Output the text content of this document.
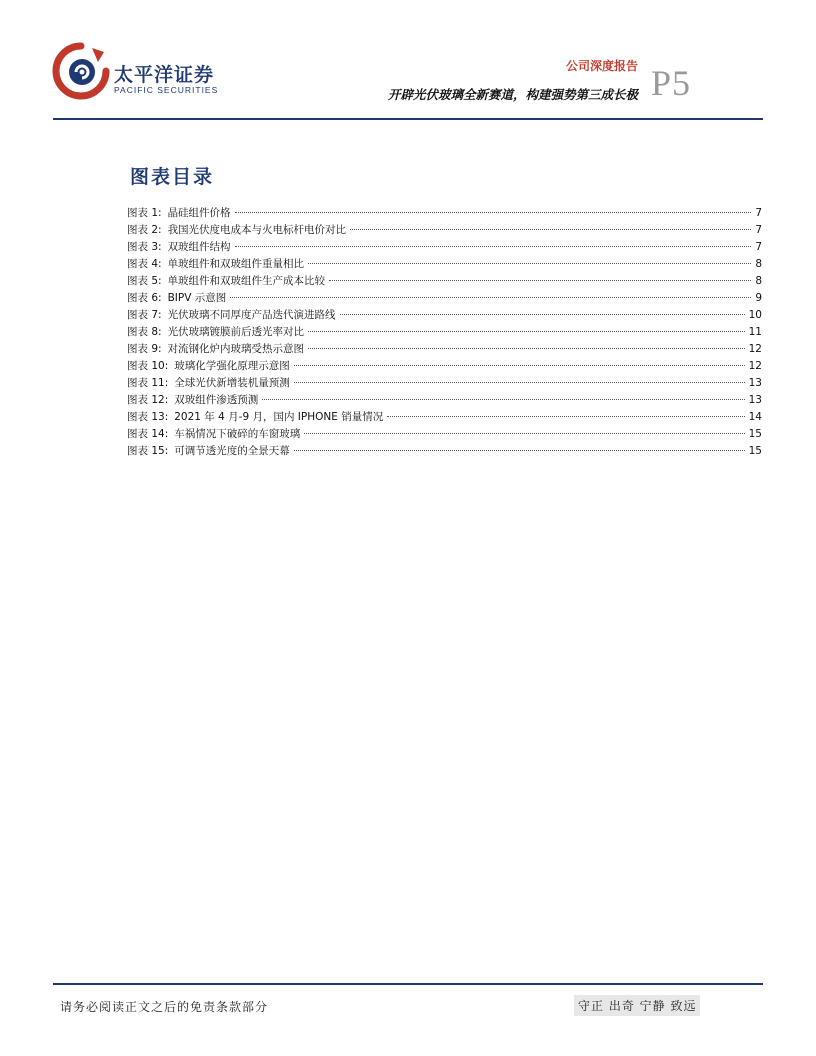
太平洋证券
PACIFIC SECURITIES
公司深度报告
开辟光伏玻璃全新赛道，构建强势第三成长极 P5
图表目录
图表 1: 晶硅组件价格	7
图表 2: 我国光伏度电成本与火电标杆电价对比	7
图表 3: 双玻组件结构	7
图表 4: 单玻组件和双玻组件重量相比	8
图表 5: 单玻组件和双玻组件生产成本比较	8
图表 6: BIPV 示意图	9
图表 7: 光伏玻璃不同厚度产品迭代演进路线	10
图表 8: 光伏玻璃镀膜前后透光率对比	11
图表 9: 对流钢化炉内玻璃受热示意图	12
图表 10: 玻璃化学强化原理示意图	12
图表 11: 全球光伏新增装机量预测	13
图表 12: 双玻组件渗透预测	13
图表 13: 2021 年 4 月-9 月，国内 IPHONE 销量情况	14
图表 14: 车祸情况下破碎的车窗玻璃	15
图表 15: 可调节透光度的全景天幕	15
请务必阅读正文之后的免责条款部分	守正 出奇 宁静 致远
